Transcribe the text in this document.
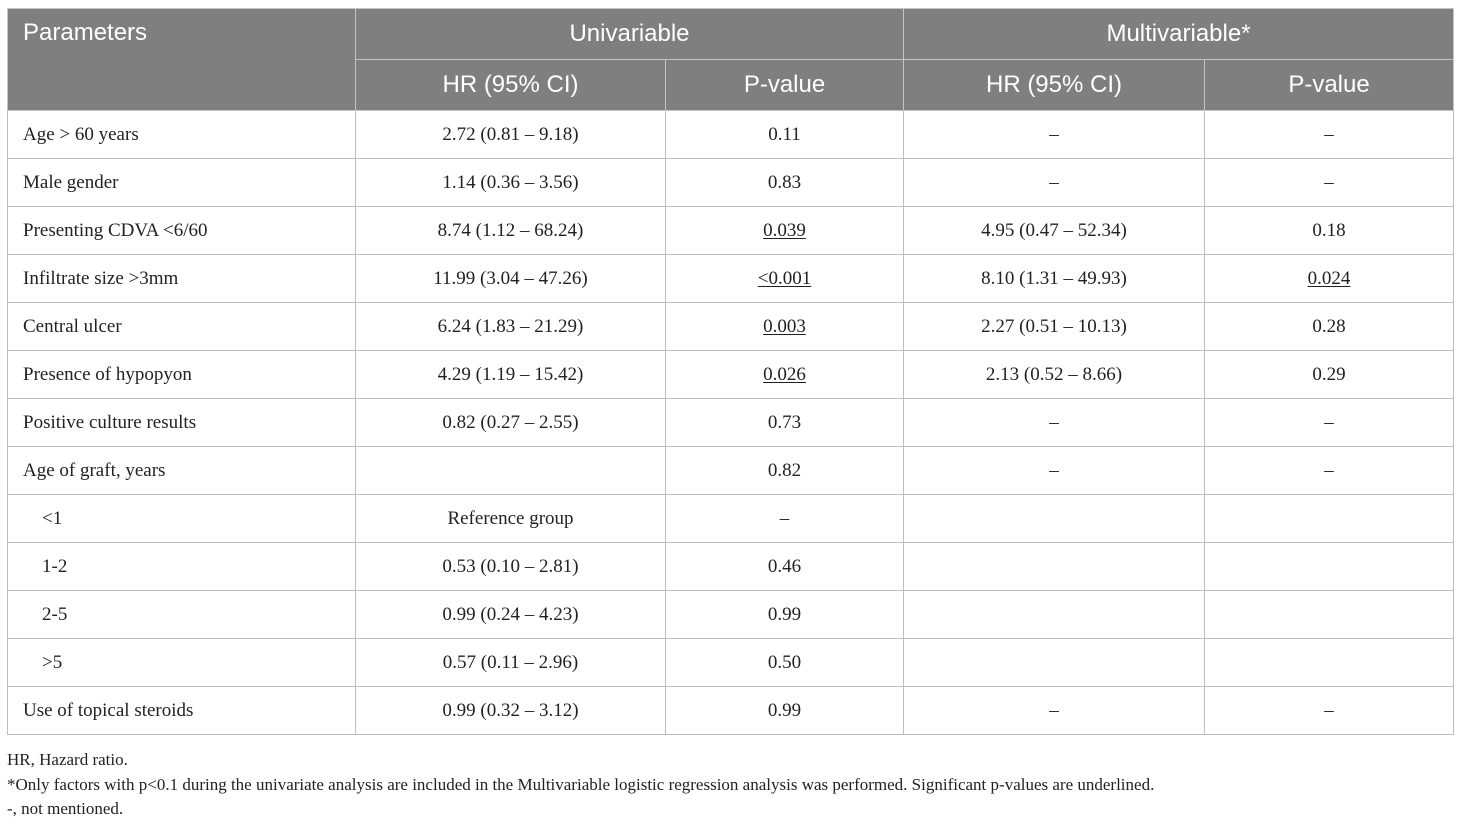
Parameters	Univariable		Multivariable*	
	HR (95% CI)	P-value	HR (95% CI)	P-value
Age > 60 years	2.72 (0.81 – 9.18)	0.11	–	–
Male gender	1.14 (0.36 – 3.56)	0.83	–	–
Presenting CDVA <6/60	8.74 (1.12 – 68.24)	0.039	4.95 (0.47 – 52.34)	0.18
Infiltrate size >3mm	11.99 (3.04 – 47.26)	<0.001	8.10 (1.31 – 49.93)	0.024
Central ulcer	6.24 (1.83 – 21.29)	0.003	2.27 (0.51 – 10.13)	0.28
Presence of hypopyon	4.29 (1.19 – 15.42)	0.026	2.13 (0.52 – 8.66)	0.29
Positive culture results	0.82 (0.27 – 2.55)	0.73	–	–
Age of graft, years		0.82	–	–
<1	Reference group	–		
1-2	0.53 (0.10 – 2.81)	0.46		
2-5	0.99 (0.24 – 4.23)	0.99		
>5	0.57 (0.11 – 2.96)	0.50		
Use of topical steroids	0.99 (0.32 – 3.12)	0.99	–	–
HR, Hazard ratio.
*Only factors with p<0.1 during the univariate analysis are included in the Multivariable logistic regression analysis was performed. Significant p-values are underlined.
-, not mentioned.
